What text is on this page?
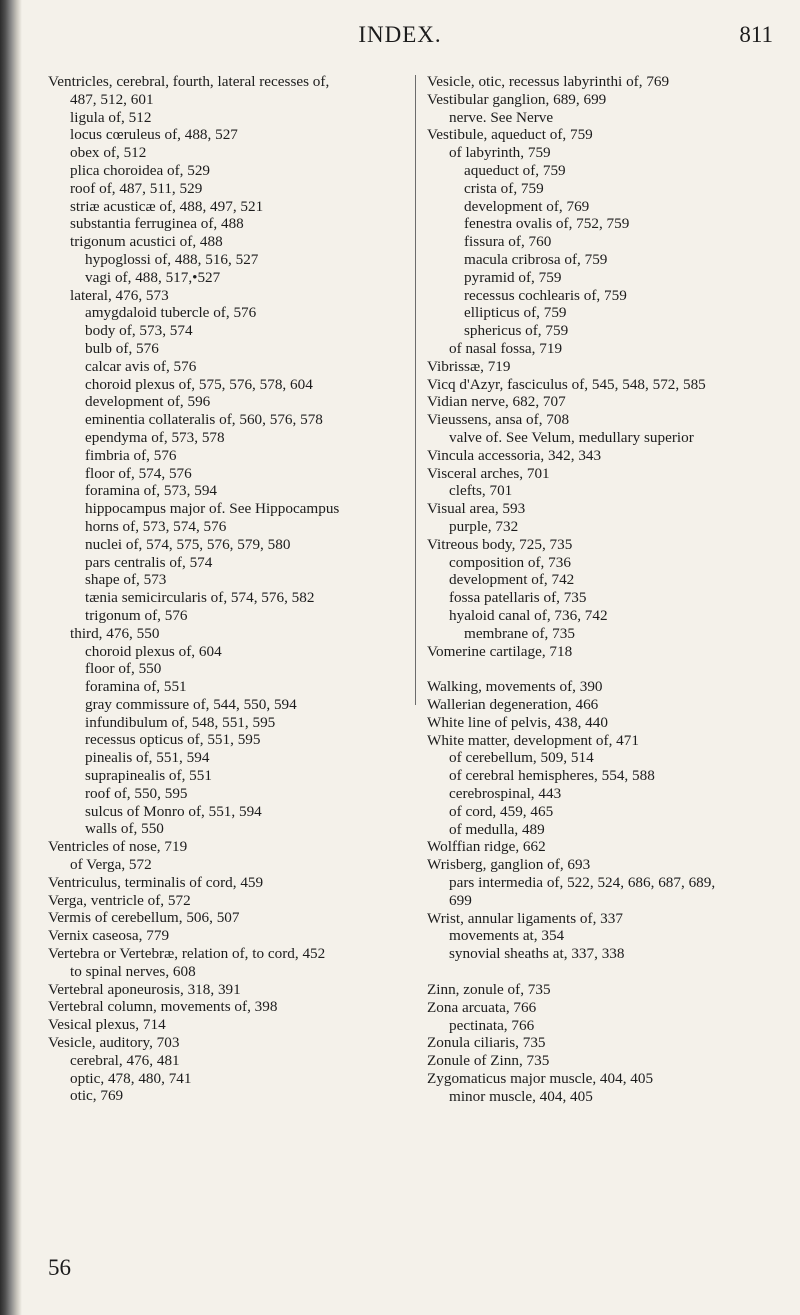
INDEX.	811
Ventricles, cerebral, fourth, lateral recesses of,
487, 512, 601
ligula of, 512
locus cœruleus of, 488, 527
obex of, 512
plica choroidea of, 529
roof of, 487, 511, 529
striæ acusticæ of, 488, 497, 521
substantia ferruginea of, 488
trigonum acustici of, 488
hypoglossi of, 488, 516, 527
vagi of, 488, 517,•527
lateral, 476, 573
amygdaloid tubercle of, 576
body of, 573, 574
bulb of, 576
calcar avis of, 576
choroid plexus of, 575, 576, 578, 604
development of, 596
eminentia collateralis of, 560, 576, 578
ependyma of, 573, 578
fimbria of, 576
floor of, 574, 576
foramina of, 573, 594
hippocampus major of. See Hippocampus
horns of, 573, 574, 576
nuclei of, 574, 575, 576, 579, 580
pars centralis of, 574
shape of, 573
tænia semicircularis of, 574, 576, 582
trigonum of, 576
third, 476, 550
choroid plexus of, 604
floor of, 550
foramina of, 551
gray commissure of, 544, 550, 594
infundibulum of, 548, 551, 595
recessus opticus of, 551, 595
pinealis of, 551, 594
suprapinealis of, 551
roof of, 550, 595
sulcus of Monro of, 551, 594
walls of, 550
Ventricles of nose, 719
of Verga, 572
Ventriculus, terminalis of cord, 459
Verga, ventricle of, 572
Vermis of cerebellum, 506, 507
Vernix caseosa, 779
Vertebra or Vertebræ, relation of, to cord, 452
to spinal nerves, 608
Vertebral aponeurosis, 318, 391
Vertebral column, movements of, 398
Vesical plexus, 714
Vesicle, auditory, 703
cerebral, 476, 481
optic, 478, 480, 741
otic, 769
Vesicle, otic, recessus labyrinthi of, 769
Vestibular ganglion, 689, 699
nerve. See Nerve
Vestibule, aqueduct of, 759
of labyrinth, 759
aqueduct of, 759
crista of, 759
development of, 769
fenestra ovalis of, 752, 759
fissura of, 760
macula cribrosa of, 759
pyramid of, 759
recessus cochlearis of, 759
ellipticus of, 759
sphericus of, 759
of nasal fossa, 719
Vibrissæ, 719
Vicq d'Azyr, fasciculus of, 545, 548, 572, 585
Vidian nerve, 682, 707
Vieussens, ansa of, 708
valve of. See Velum, medullary superior
Vincula accessoria, 342, 343
Visceral arches, 701
clefts, 701
Visual area, 593
purple, 732
Vitreous body, 725, 735
composition of, 736
development of, 742
fossa patellaris of, 735
hyaloid canal of, 736, 742
membrane of, 735
Vomerine cartilage, 718
Walking, movements of, 390
Wallerian degeneration, 466
White line of pelvis, 438, 440
White matter, development of, 471
of cerebellum, 509, 514
of cerebral hemispheres, 554, 588
cerebrospinal, 443
of cord, 459, 465
of medulla, 489
Wolffian ridge, 662
Wrisberg, ganglion of, 693
pars intermedia of, 522, 524, 686, 687, 689,
699
Wrist, annular ligaments of, 337
movements at, 354
synovial sheaths at, 337, 338
Zinn, zonule of, 735
Zona arcuata, 766
pectinata, 766
Zonula ciliaris, 735
Zonule of Zinn, 735
Zygomaticus major muscle, 404, 405
minor muscle, 404, 405
56
